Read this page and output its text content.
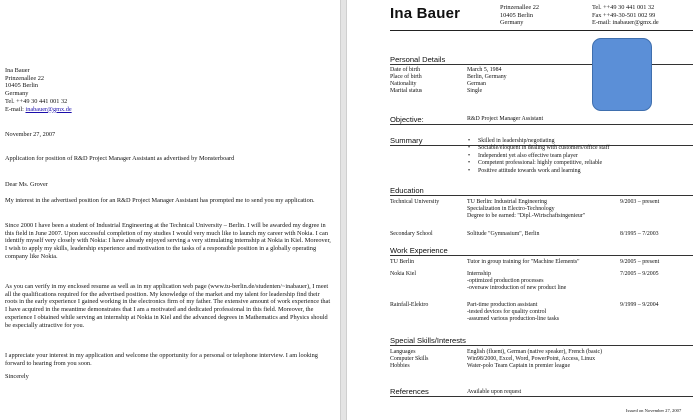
Ina Bauer
Prinzenallee 22
10405 Berlin
Germany
Tel. ++49 30 441 001 32
E-mail: inabauer@gmx.de
November 27, 2007
Application for position of R&D Project Manager Assistant as advertised by Monsterboard
Dear Ms. Grover
My interest in the advertised position for an R&D Project Manager Assistant has prompted me to send you my application.
Since 2000 I have been a student of Industrial Engineering at the Technical University – Berlin. I will be awarded my degree in this field in June 2007. Upon successful completion of my studies I would very much like to launch my career with Nokia. I can identify myself very closely with Nokia: I have already enjoyed serving a very stimulating internship at Nokia in Kiel. Moreover, I wish to apply my skills, leadership experience and motivation to the tasks of a responsible position in a globally operating company like Nokia.
As you can verify in my enclosed resume as well as in my application web page (www.tu-berlin.de/studenten/~inabauer), I meet all the qualifications required for the advertised position. My knowledge of the market and my talent for leadership find their roots in the early experience I gained working in the electronics firm of my father. The extensive amount of work experience that I have acquired in the meantime demonstrates that I am a motivated and dedicated professional in this field. Moreover, the experience I obtained while serving an internship at Nokia in Kiel and the advanced degrees in Mathematics and Physics should be especially attractive for you.
I appreciate your interest in my application and welcome the opportunity for a personal or telephone interview. I am looking forward to hearing from you soon.
Sincerely
Ina Bauer	Prinzenallee 22
10405 Berlin
Germany
Tel. ++49 30 441 001 32
Fax ++49-30-501 002 99
E-mail: inabauer@gmx.de
Personal Details
Date of birth	March 5, 1984
Place of birth	Berlin, Germany
Nationality	German
Marital status	Single
Objective:	R&D Project Manager Assistant
Summary
•	Skilled in leadership/negotiating
• Sociable/eloquent in dealing with customers/office staff
• Independent yet also effective team player
• Competent professional: highly competitive, reliable
• Positive attitude towards work and learning
Education
Technical University	TU Berlin: Industrial Engineering
Specialization in Electro-Technology
Degree to be earned: "Dipl.-Wirtschaftsingenieur"
9/2003 – present
Secondary School	Solitude "Gymnasium", Berlin	8/1995 – 7/2003
Work Experience
TU Berlin	Tutor in group training for "Machine Elements"	9/2005 – present
Nokia Kiel	Internship
-optimized production processes
-oversaw introduction of new product line
7/2005 – 9/2005
Rainfall-Elektro	Part-time production assistant
-tested devices for quality control
-assumed various production-line tasks
9/1999 – 9/2004
Special Skills/Interests
Languages	English (fluent), German (native speaker), French (basic)
Computer Skills	Win98/2000, Excel, Word, PowerPoint, Access, Linux
Hobbies	Water-polo Team Captain in premier league
References	Available upon request
Issued on November 27, 2007
